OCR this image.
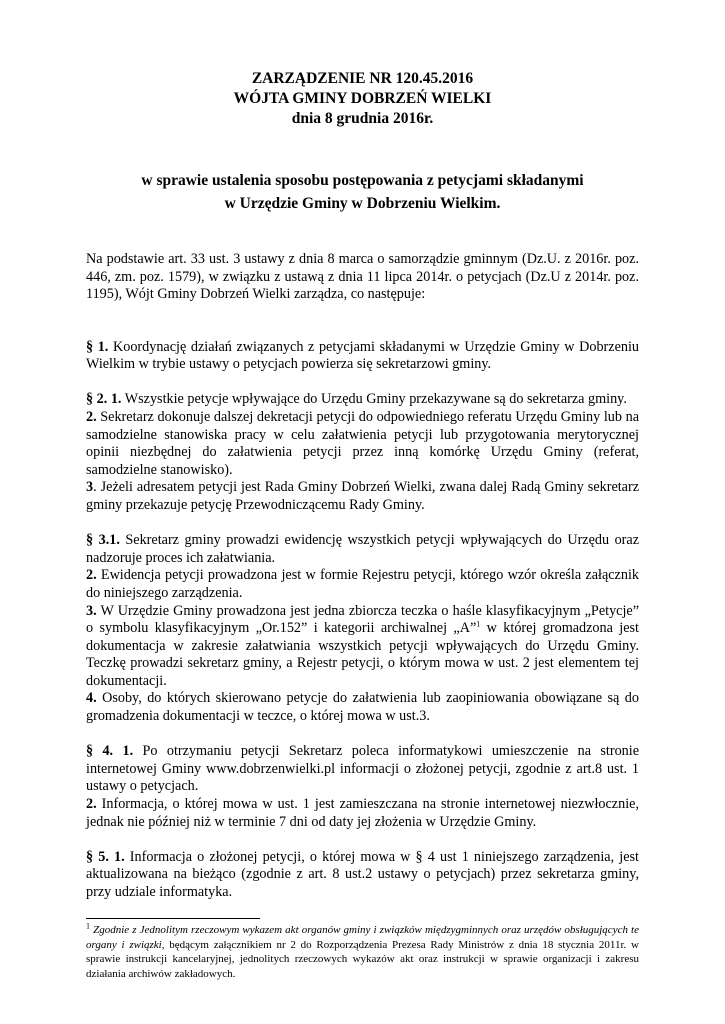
ZARZĄDZENIE NR 120.45.2016

WÓJTA GMINY DOBRZEŃ WIELKI

dnia 8 grudnia 2016r.

w sprawie ustalenia sposobu postępowania z petycjami składanymi
w Urzędzie Gminy w Dobrzeniu Wielkim.

Na podstawie art. 33 ust. 3 ustawy z dnia 8 marca o samorządzie gminnym (Dz.U. z 2016r. poz. 446, zm. poz. 1579), w związku z ustawą z dnia 11 lipca 2014r. o petycjach (Dz.U z 2014r. poz. 1195), Wójt Gminy Dobrzeń Wielki zarządza, co następuje:

§ 1. Koordynację działań związanych z petycjami składanymi w Urzędzie Gminy w Dobrzeniu Wielkim w trybie ustawy o petycjach powierza się sekretarzowi gminy.

§ 2. 1. Wszystkie petycje wpływające do Urzędu Gminy przekazywane są do sekretarza gminy.

2. Sekretarz dokonuje dalszej dekretacji petycji do odpowiedniego referatu Urzędu Gminy lub na samodzielne stanowiska pracy w celu załatwienia petycji lub przygotowania merytorycznej opinii niezbędnej do załatwienia petycji przez inną komórkę Urzędu Gminy (referat, samodzielne stanowisko).

3. Jeżeli adresatem petycji jest Rada Gminy Dobrzeń Wielki, zwana dalej Radą Gminy sekretarz gminy przekazuje petycję Przewodniczącemu Rady Gminy.

§ 3.1. Sekretarz gminy prowadzi ewidencję wszystkich petycji wpływających do Urzędu oraz nadzoruje proces ich załatwiania.

2. Ewidencja petycji prowadzona jest w formie Rejestru petycji, którego wzór określa załącznik do niniejszego zarządzenia.

3. W Urzędzie Gminy prowadzona jest jedna zbiorcza teczka o haśle klasyfikacyjnym „Petycje” o symbolu klasyfikacyjnym „Or.152” i kategorii archiwalnej „A”$^1$ w której gromadzona jest dokumentacja w zakresie załatwiania wszystkich petycji wpływających do Urzędu Gminy. Teczkę prowadzi sekretarz gminy, a Rejestr petycji, o którym mowa w ust. 2 jest elementem tej dokumentacji.

4. Osoby, do których skierowano petycje do załatwienia lub zaopiniowania obowiązane są do gromadzenia dokumentacji w teczce, o której mowa w ust.3.

§ 4. 1. Po otrzymaniu petycji Sekretarz poleca informatykowi umieszczenie na stronie internetowej Gminy www.dobrzenwielki.pl informacji o złożonej petycji, zgodnie z art.8 ust. 1 ustawy o petycjach.

2. Informacja, o której mowa w ust. 1 jest zamieszczana na stronie internetowej niezwłocznie, jednak nie później niż w terminie 7 dni od daty jej złożenia w Urzędzie Gminy.

§ 5. 1. Informacja o złożonej petycji, o której mowa w § 4 ust 1 niniejszego zarządzenia, jest aktualizowana na bieżąco (zgodnie z art. 8 ust.2 ustawy o petycjach) przez sekretarza gminy, przy udziale informatyka.

$^1$ Zgodnie z Jednolitym rzeczowym wykazem akt organów gminy i związków międzygminnych oraz urzędów obsługujących te organy i związki, będącym załącznikiem nr 2 do Rozporządzenia Prezesa Rady Ministrów z dnia 18 stycznia 2011r. w sprawie instrukcji kancelaryjnej, jednolitych rzeczowych wykazów akt oraz instrukcji w sprawie organizacji i zakresu działania archiwów zakładowych.
